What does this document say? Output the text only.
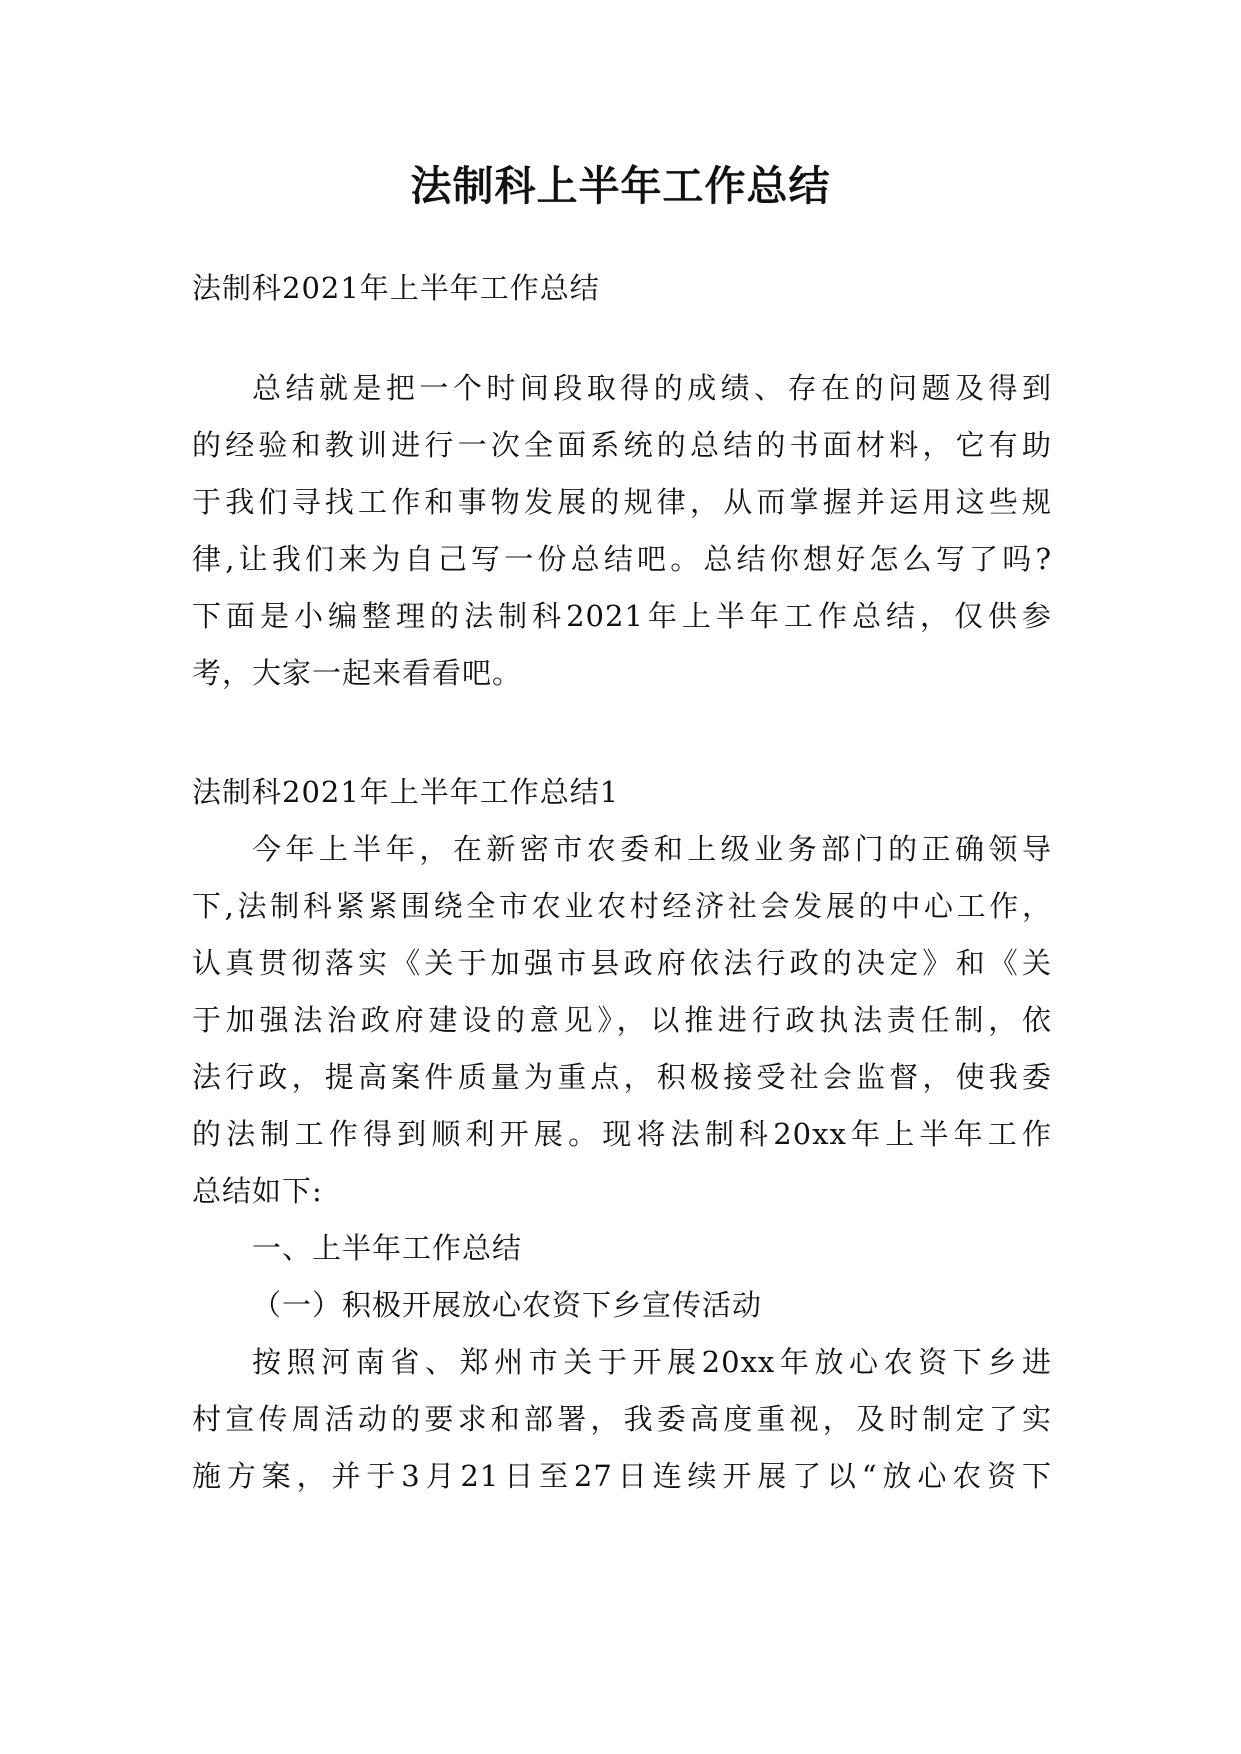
法制科上半年工作总结
法制科2021年上半年工作总结
总结就是把一个时间段取得的成绩、存在的问题及得到
的经验和教训进行一次全面系统的总结的书面材料，它有助
于我们寻找工作和事物发展的规律，从而掌握并运用这些规
律,让我们来为自己写一份总结吧。总结你想好怎么写了吗?
下面是小编整理的法制科2021年上半年工作总结，仅供参
考，大家一起来看看吧。
法制科2021年上半年工作总结1
今年上半年，在新密市农委和上级业务部门的正确领导
下,法制科紧紧围绕全市农业农村经济社会发展的中心工作，
认真贯彻落实《关于加强市县政府依法行政的决定》和《关
于加强法治政府建设的意见》，以推进行政执法责任制，依
法行政，提高案件质量为重点，积极接受社会监督，使我委
的法制工作得到顺利开展。现将法制科20xx年上半年工作
总结如下:
一、上半年工作总结
（一）积极开展放心农资下乡宣传活动
按照河南省、郑州市关于开展20xx年放心农资下乡进
村宣传周活动的要求和部署，我委高度重视，及时制定了实
施方案，并于3月21日至27日连续开展了以“放心农资下
